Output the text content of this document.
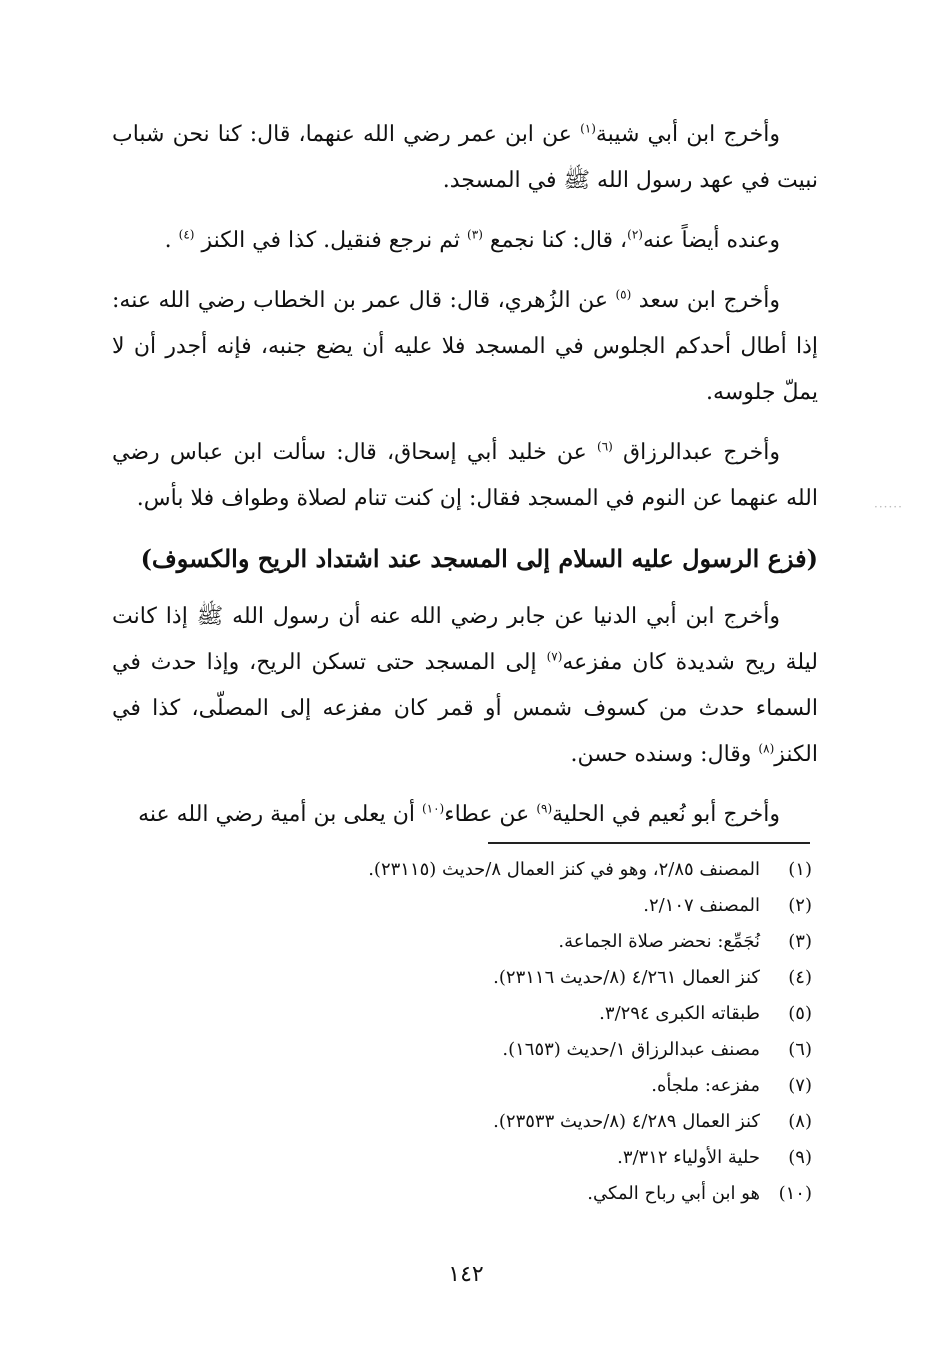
وأخرج ابن أبي شيبة$^{(١)}$ عن ابن عمر رضي الله عنهما، قال: كنا نحن شباب نبيت في عهد رسول الله ﷺ في المسجد.

وعنده أيضاً عنه$^{(٢)}$، قال: كنا نجمع $^{(٣)}$ ثم نرجع فنقيل. كذا في الكنز $^{(٤)}$ .

وأخرج ابن سعد $^{(٥)}$ عن الزُهري، قال: قال عمر بن الخطاب رضي الله عنه: إذا أطال أحدكم الجلوس في المسجد فلا عليه أن يضع جنبه، فإنه أجدر أن لا يملّ جلوسه.

وأخرج عبدالرزاق $^{(٦)}$ عن خليد أبي إسحاق، قال: سألت ابن عباس رضي الله عنهما عن النوم في المسجد فقال: إن كنت تنام لصلاة وطواف فلا بأس.

(فزع الرسول عليه السلام إلى المسجد عند اشتداد الريح والكسوف)

وأخرج ابن أبي الدنيا عن جابر رضي الله عنه أن رسول الله ﷺ إذا كانت ليلة ريح شديدة كان مفزعه$^{(٧)}$ إلى المسجد حتى تسكن الريح، وإذا حدث في السماء حدث من كسوف شمس أو قمر كان مفزعه إلى المصلّى، كذا في الكنز$^{(٨)}$ وقال: وسنده حسن.

وأخرج أبو نُعيم في الحلية$^{(٩)}$ عن عطاء$^{(١٠)}$ أن يعلى بن أمية رضي الله عنه

······
(١)
المصنف ٢/٨٥، وهو في كنز العمال ٨/حديث (٢٣١١٥).
(٢)
المصنف ٢/١٠٧.
(٣)
نُجَمِّع: نحضر صلاة الجماعة.
(٤)
كنز العمال ٤/٢٦١ (٨/حديث ٢٣١١٦).
(٥)
طبقاته الكبرى ٣/٢٩٤.
(٦)
مصنف عبدالرزاق ١/حديث (١٦٥٣).
(٧)
مفزعه: ملجأه.
(٨)
كنز العمال ٤/٢٨٩ (٨/حديث ٢٣٥٣٣).
(٩)
حلية الأولياء ٣/٣١٢.
(١٠)
هو ابن أبي رباح المكي.
١٤٢
